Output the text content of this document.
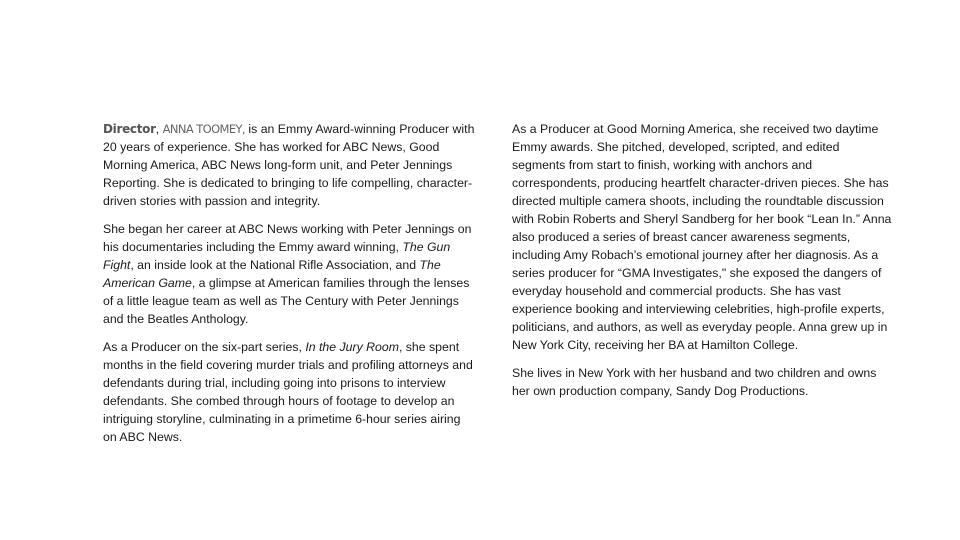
Director, ANNA TOOMEY, is an Emmy Award-winning Producer with 20 years of experience. She has worked for ABC News, Good Morning America, ABC News long-form unit, and Peter Jennings Reporting. She is dedicated to bringing to life compelling, character-driven stories with passion and integrity.

She began her career at ABC News working with Peter Jennings on his documentaries including the Emmy award winning, The Gun Fight, an inside look at the National Rifle Association, and The American Game, a glimpse at American families through the lenses of a little league team as well as The Century with Peter Jennings and the Beatles Anthology.

As a Producer on the six-part series, In the Jury Room, she spent months in the field covering murder trials and profiling attorneys and defendants during trial, including going into prisons to interview defendants. She combed through hours of footage to develop an intriguing storyline, culminating in a primetime 6-hour series airing on ABC News.

As a Producer at Good Morning America, she received two daytime Emmy awards. She pitched, developed, scripted, and edited segments from start to finish, working with anchors and correspondents, producing heartfelt character-driven pieces. She has directed multiple camera shoots, including the roundtable discussion with Robin Roberts and Sheryl Sandberg for her book “Lean In.” Anna also produced a series of breast cancer awareness segments, including Amy Robach’s emotional journey after her diagnosis. As a series producer for “GMA Investigates," she exposed the dangers of everyday household and commercial products. She has vast experience booking and interviewing celebrities, high-profile experts, politicians, and authors, as well as everyday people. Anna grew up in New York City, receiving her BA at Hamilton College.

She lives in New York with her husband and two children and owns her own production company, Sandy Dog Productions.
